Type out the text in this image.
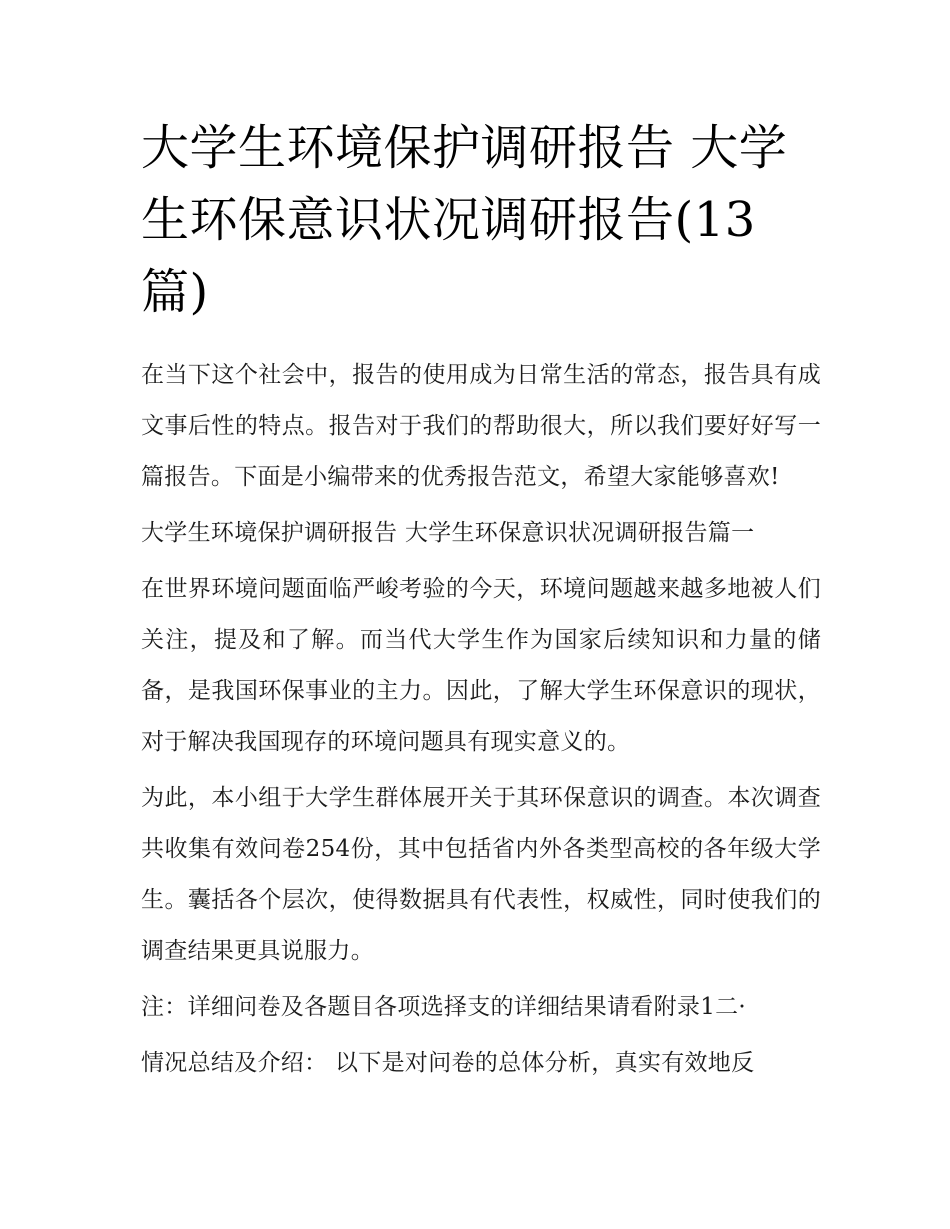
大学生环境保护调研报告 大学生环保意识状况调研报告(13篇)

在当下这个社会中，报告的使用成为日常生活的常态，报告具有成文事后性的特点。报告对于我们的帮助很大，所以我们要好好写一篇报告。下面是小编带来的优秀报告范文，希望大家能够喜欢!

大学生环境保护调研报告 大学生环保意识状况调研报告篇一

在世界环境问题面临严峻考验的今天，环境问题越来越多地被人们关注，提及和了解。而当代大学生作为国家后续知识和力量的储备，是我国环保事业的主力。因此，了解大学生环保意识的现状，对于解决我国现存的环境问题具有现实意义的。

为此，本小组于大学生群体展开关于其环保意识的调查。本次调查共收集有效问卷254份，其中包括省内外各类型高校的各年级大学生。囊括各个层次，使得数据具有代表性，权威性，同时使我们的调查结果更具说服力。

注：详细问卷及各题目各项选择支的详细结果请看附录1二·

情况总结及介绍： 以下是对问卷的总体分析，真实有效地反
